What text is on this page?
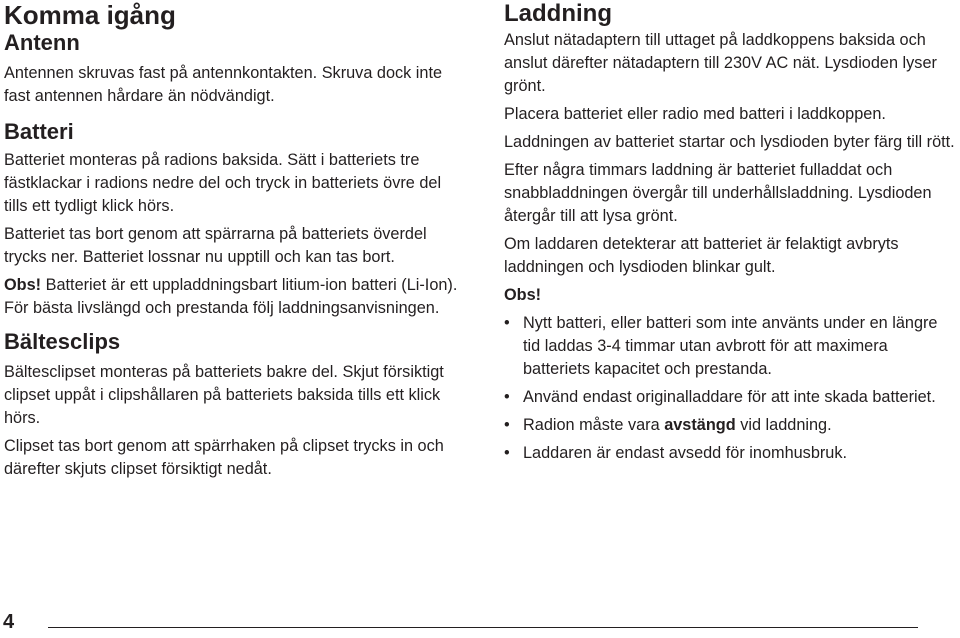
Komma igång
Antenn

Antennen skruvas fast på antennkontakten. Skruva dock inte fast antennen hårdare än nödvändigt.

Batteri

Batteriet monteras på radions baksida. Sätt i batteriets tre fästklackar i radions nedre del och tryck in batteriets övre del tills ett tydligt klick hörs.

Batteriet tas bort genom att spärrarna på batteriets överdel trycks ner. Batteriet lossnar nu upptill och kan tas bort.

Obs! Batteriet är ett uppladdningsbart litium-ion batteri (Li-Ion). För bästa livslängd och prestanda följ laddningsanvisningen.

Bältesclips

Bältesclipset monteras på batteriets bakre del. Skjut försiktigt clipset uppåt i clipshållaren på batteriets baksida tills ett klick hörs.

Clipset tas bort genom att spärrhaken på clipset trycks in och därefter skjuts clipset försiktigt nedåt.

Laddning

Anslut nätadaptern till uttaget på laddkoppens baksida och anslut därefter nätadaptern till 230V AC nät. Lysdioden lyser grönt.

Placera batteriet eller radio med batteri i laddkoppen.

Laddningen av batteriet startar och lysdioden byter färg till rött.

Efter några timmars laddning är batteriet fulladdat och snabbladdningen övergår till underhållsladdning. Lysdioden återgår till att lysa grönt.

Om laddaren detekterar att batteriet är felaktigt avbryts laddningen och lysdioden blinkar gult.

Obs!

• Nytt batteri, eller batteri som inte använts under en längre tid laddas 3-4 timmar utan avbrott för att maximera batteriets kapacitet och prestanda.
• Använd endast originalladdare för att inte skada batteriet.
• Radion måste vara avstängd vid laddning.
• Laddaren är endast avsedd för inomhusbruk.
4
